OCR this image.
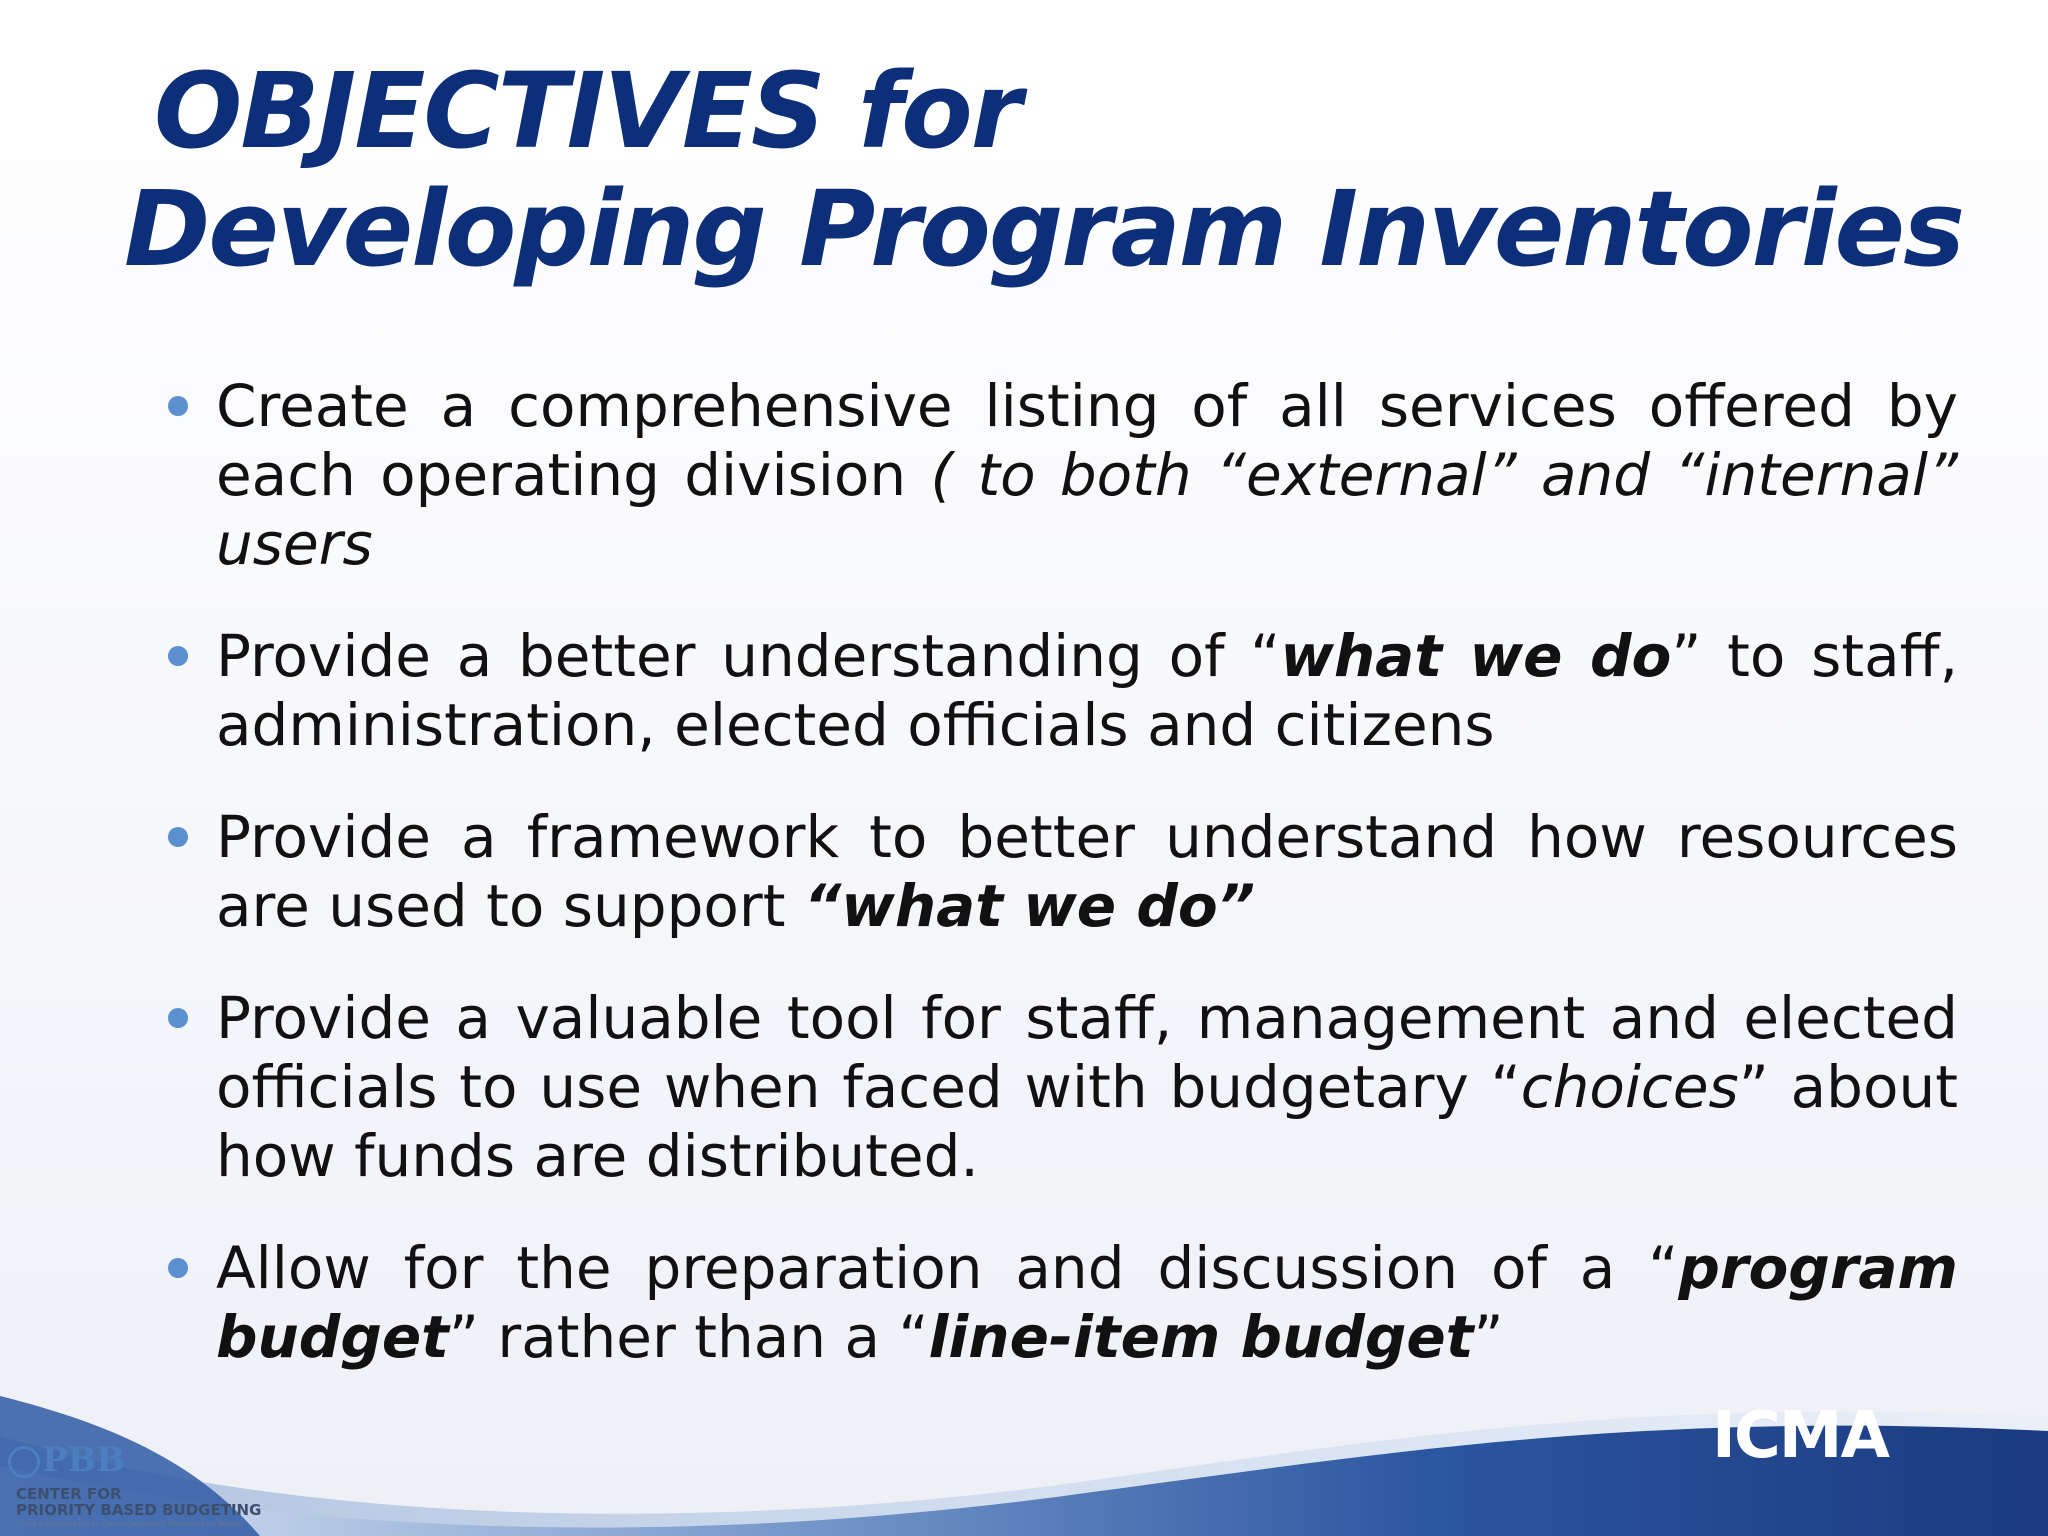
OBJECTIVES for
Developing Program Inventories
Create a comprehensive listing of all services offered by each operating division ( to both “external” and “internal” users
Provide a better understanding of “what we do” to staff, administration, elected officials and citizens
Provide a framework to better understand how resources are used to support “what we do”
Provide a valuable tool for staff, management and elected officials to use when faced with budgetary “choices” about how funds are distributed.
Allow for the preparation and discussion of a “program budget” rather than a “line-item budget”
ICMA
PBB
CENTER FOR
PRIORITY BASED BUDGETING
Using a Unique Lens to Focus Community Resources on Results
